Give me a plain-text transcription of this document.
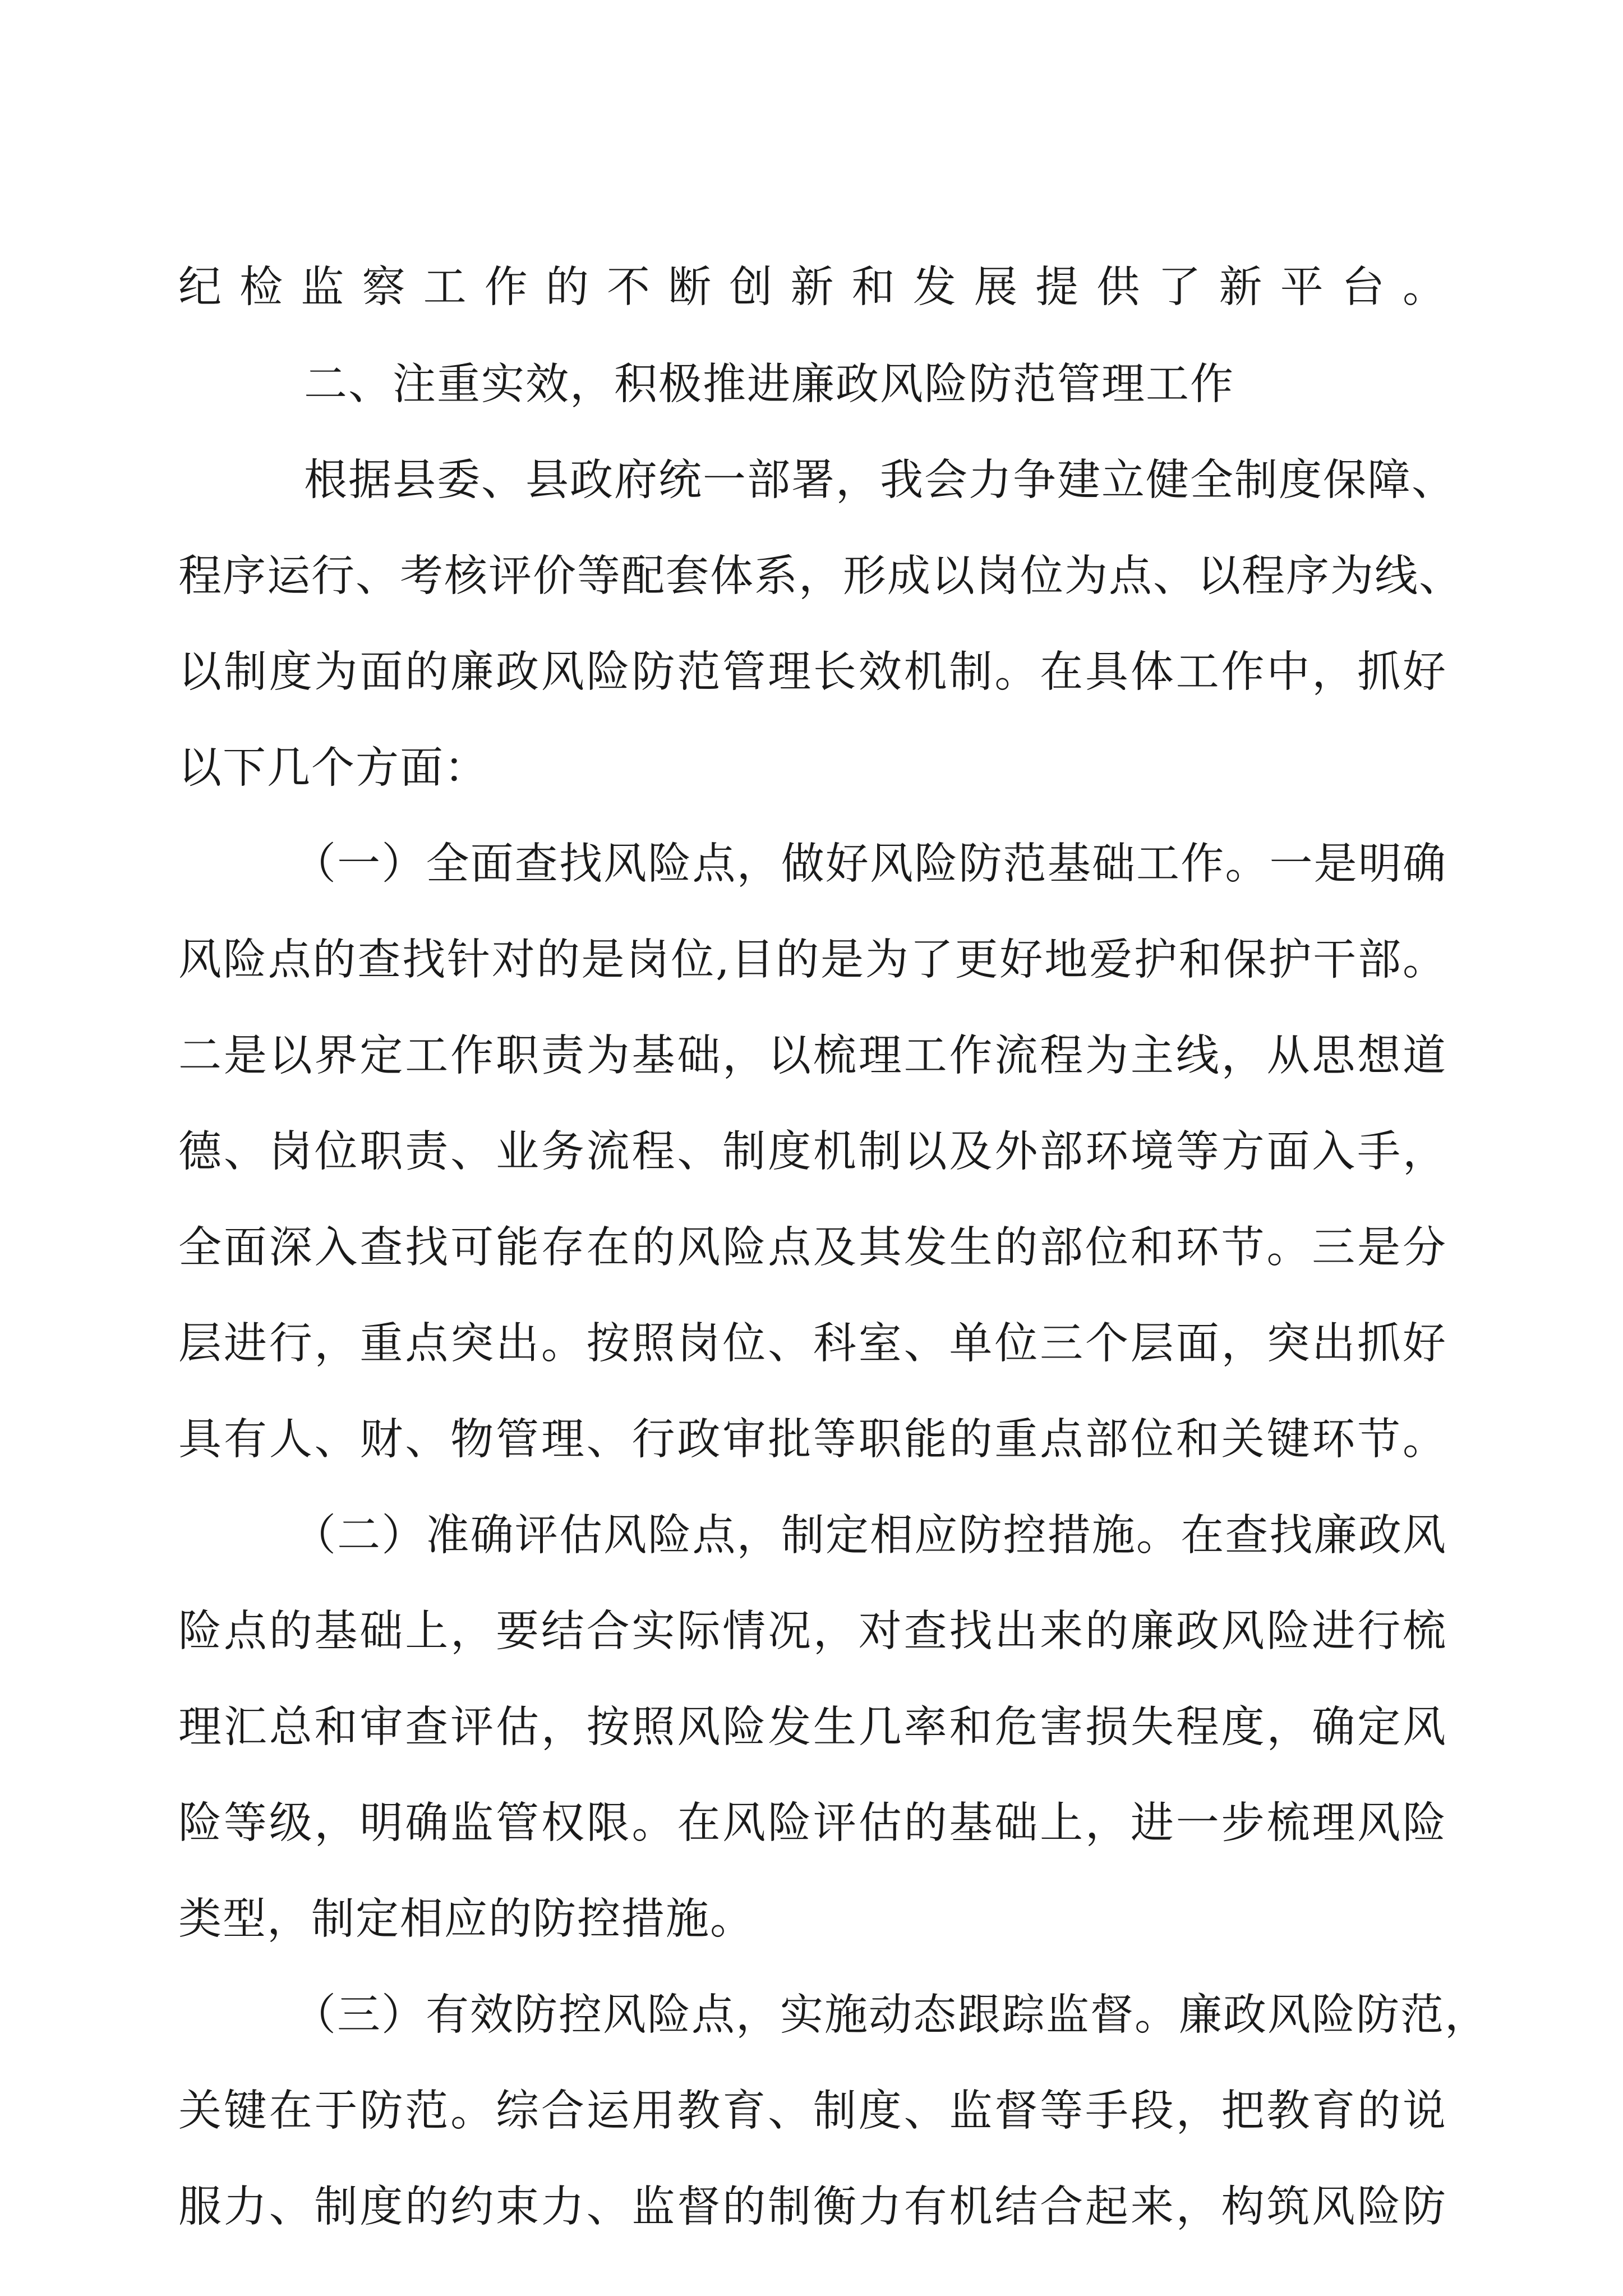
纪检监察工作的不断创新和发展提供了新平台。
二、注重实效，积极推进廉政风险防范管理工作
根据县委、县政府统一部署，我会力争建立健全制度保障、
程序运行、考核评价等配套体系，形成以岗位为点、以程序为线、
以制度为面的廉政风险防范管理长效机制。在具体工作中，抓好
以下几个方面：
（一）全面查找风险点，做好风险防范基础工作。一是明确
风险点的查找针对的是岗位,目的是为了更好地爱护和保护干部。
二是以界定工作职责为基础，以梳理工作流程为主线，从思想道
德、岗位职责、业务流程、制度机制以及外部环境等方面入手，
全面深入查找可能存在的风险点及其发生的部位和环节。三是分
层进行，重点突出。按照岗位、科室、单位三个层面，突出抓好
具有人、财、物管理、行政审批等职能的重点部位和关键环节。
（二）准确评估风险点，制定相应防控措施。在查找廉政风
险点的基础上，要结合实际情况，对查找出来的廉政风险进行梳
理汇总和审查评估，按照风险发生几率和危害损失程度，确定风
险等级，明确监管权限。在风险评估的基础上，进一步梳理风险
类型，制定相应的防控措施。
（三）有效防控风险点，实施动态跟踪监督。廉政风险防范，
关键在于防范。综合运用教育、制度、监督等手段，把教育的说
服力、制度的约束力、监督的制衡力有机结合起来，构筑风险防
